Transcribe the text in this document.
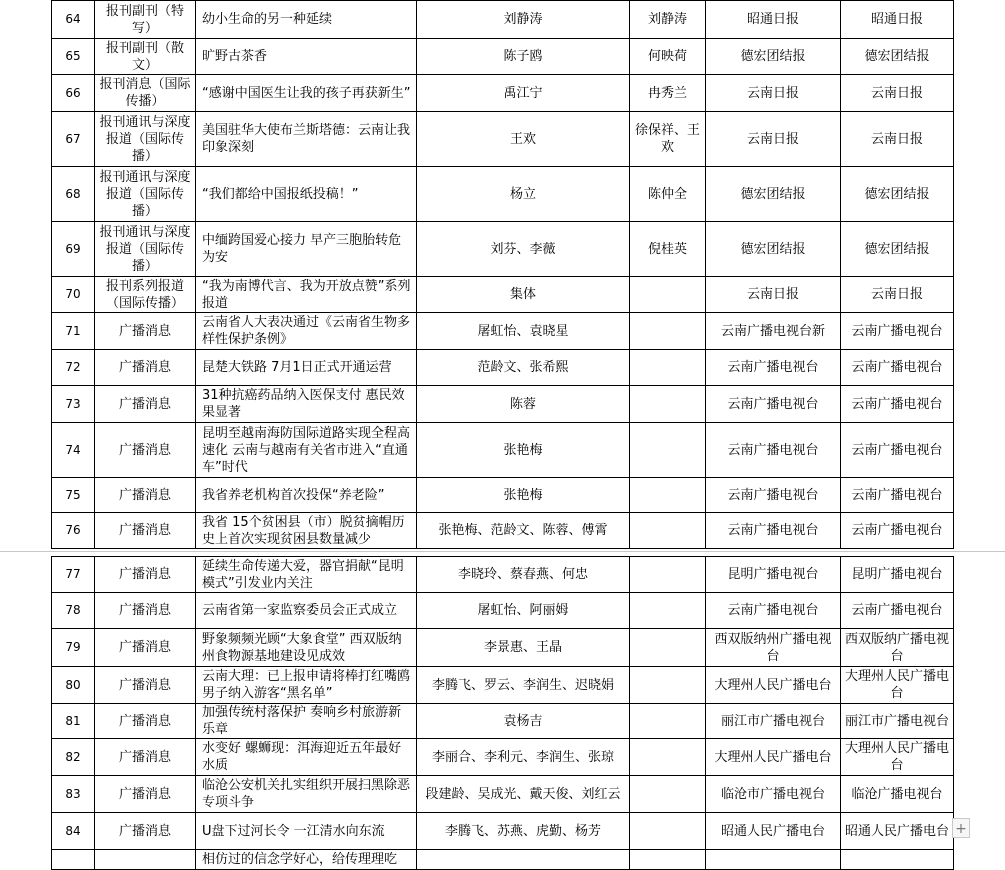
64	报刊副刊（特写）	幼小生命的另一种延续	刘静涛	刘静涛	昭通日报	昭通日报
65	报刊副刊（散文）	旷野古茶香	陈子鸥	何映荷	德宏团结报	德宏团结报
66	报刊消息（国际传播）	“感谢中国医生让我的孩子再获新生”	禹江宁	冉秀兰	云南日报	云南日报
67	报刊通讯与深度报道（国际传播）	美国驻华大使布兰斯塔德：云南让我印象深刻	王欢	徐保祥、王欢	云南日报	云南日报
68	报刊通讯与深度报道（国际传播）	“我们都给中国报纸投稿！”	杨立	陈仲全	德宏团结报	德宏团结报
69	报刊通讯与深度报道（国际传播）	中缅跨国爱心接力 早产三胞胎转危为安	刘芬、李薇	倪桂英	德宏团结报	德宏团结报
70	报刊系列报道（国际传播）	“我为南博代言、我为开放点赞”系列报道	集体		云南日报	云南日报
71	广播消息	云南省人大表决通过《云南省生物多样性保护条例》	屠虹怡、袁晓星		云南广播电视台新	云南广播电视台
72	广播消息	昆楚大铁路 7月1日正式开通运营	范龄文、张希熙		云南广播电视台	云南广播电视台
73	广播消息	31种抗癌药品纳入医保支付 惠民效果显著	陈蓉		云南广播电视台	云南广播电视台
74	广播消息	昆明至越南海防国际道路实现全程高速化 云南与越南有关省市进入“直通车”时代	张艳梅		云南广播电视台	云南广播电视台
75	广播消息	我省养老机构首次投保“养老险”	张艳梅		云南广播电视台	云南广播电视台
76	广播消息	我省 15个贫困县（市）脱贫摘帽历史上首次实现贫困县数量减少	张艳梅、范龄文、陈蓉、傅霄		云南广播电视台	云南广播电视台
77	广播消息	延续生命传递大爱，器官捐献“昆明模式”引发业内关注	李晓玲、蔡春燕、何忠		昆明广播电视台	昆明广播电视台
78	广播消息	云南省第一家监察委员会正式成立	屠虹怡、阿丽姆		云南广播电视台	云南广播电视台
79	广播消息	野象频频光顾“大象食堂” 西双版纳州食物源基地建设见成效	李景惠、王晶		西双版纳州广播电视台	西双版纳广播电视台
80	广播消息	云南大理：已上报申请将棒打红嘴鸥男子纳入游客“黑名单”	李腾飞、罗云、李润生、迟晓娟		大理州人民广播电台	大理州人民广播电台
81	广播消息	加强传统村落保护 奏响乡村旅游新乐章	袁杨吉		丽江市广播电视台	丽江市广播电视台
82	广播消息	水变好 螺蛳现：洱海迎近五年最好水质	李丽合、李利元、李润生、张琼		大理州人民广播电台	大理州人民广播电台
83	广播消息	临沧公安机关扎实组织开展扫黑除恶专项斗争	段建龄、吴成光、戴天俊、刘红云		临沧市广播电视台	临沧广播电视台
84	广播消息	U盘下过河长令 一江清水向东流	李腾飞、苏燕、虎勤、杨芳		昭通人民广播电台	昭通人民广播电台
		相仿过的信念学好心，给传理理吃				
+
